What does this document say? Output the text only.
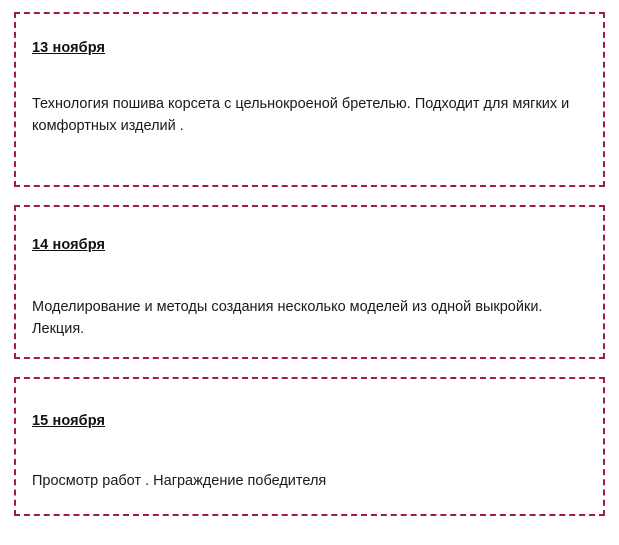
13 ноября

Технология пошива корсета с цельнокроеной бретелью. Подходит для мягких и комфортных изделий .

14 ноября

Моделирование и методы создания несколько моделей из одной выкройки. Лекция.

15 ноября

Просмотр работ . Награждение победителя
